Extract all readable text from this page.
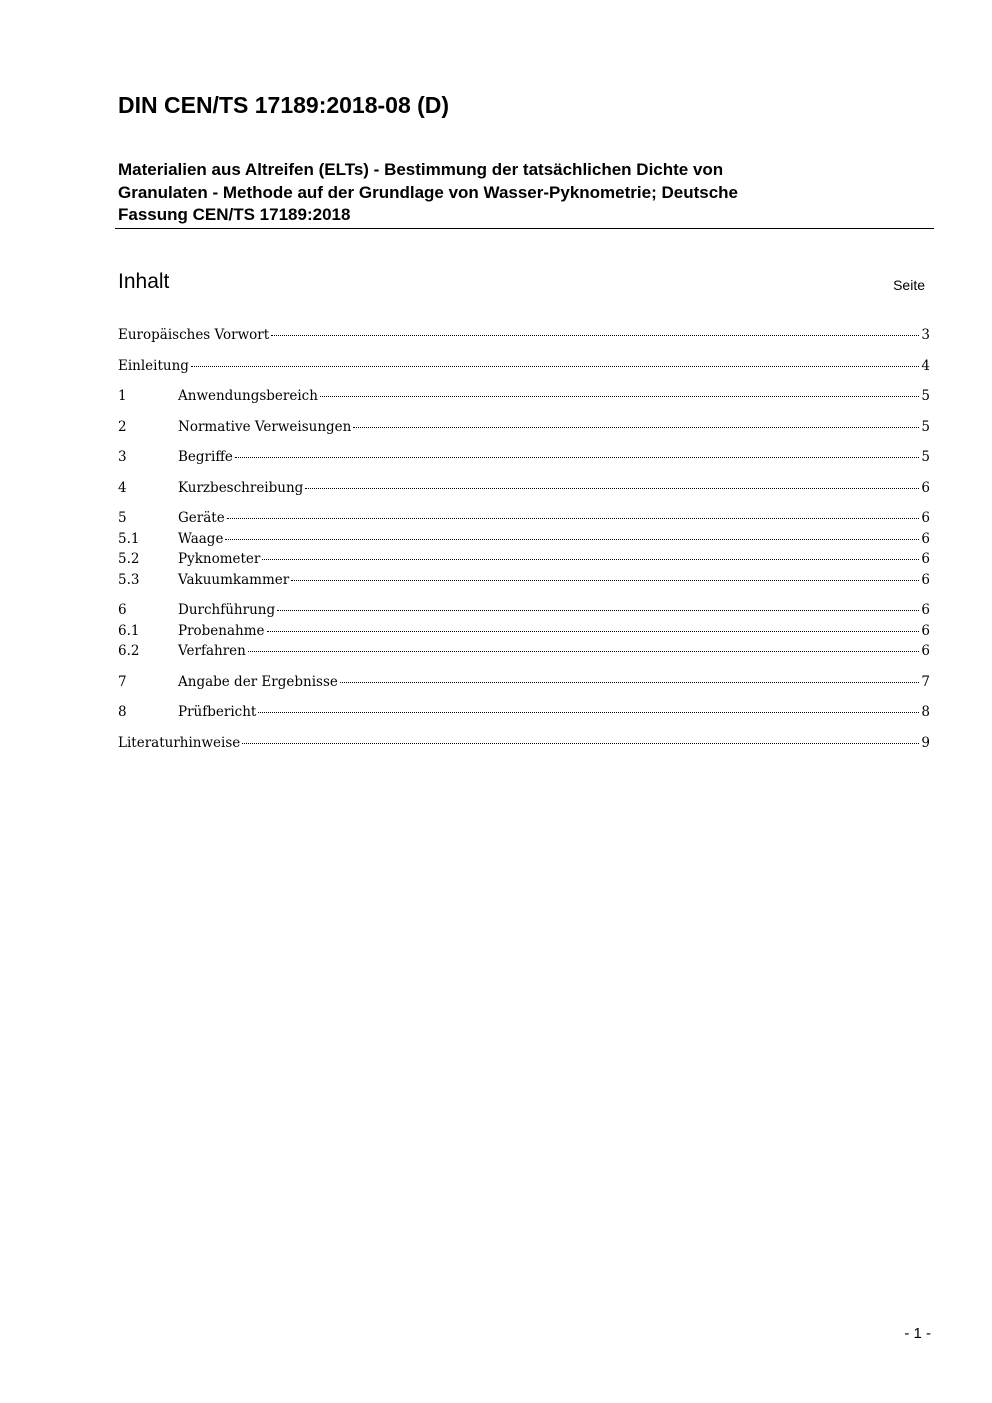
DIN CEN/TS 17189:2018-08 (D)
Materialien aus Altreifen (ELTs) - Bestimmung der tatsächlichen Dichte von
Granulaten - Methode auf der Grundlage von Wasser-Pyknometrie; Deutsche
Fassung CEN/TS 17189:2018
Inhalt	Seite
Europäisches Vorwort	3
Einleitung	4
1	Anwendungsbereich	5
2	Normative Verweisungen	5
3	Begriffe	5
4	Kurzbeschreibung	6
5	Geräte	6
5.1	Waage	6
5.2	Pyknometer	6
5.3	Vakuumkammer	6
6	Durchführung	6
6.1	Probenahme	6
6.2	Verfahren	6
7	Angabe der Ergebnisse	7
8	Prüfbericht	8
Literaturhinweise	9
- 1 -
